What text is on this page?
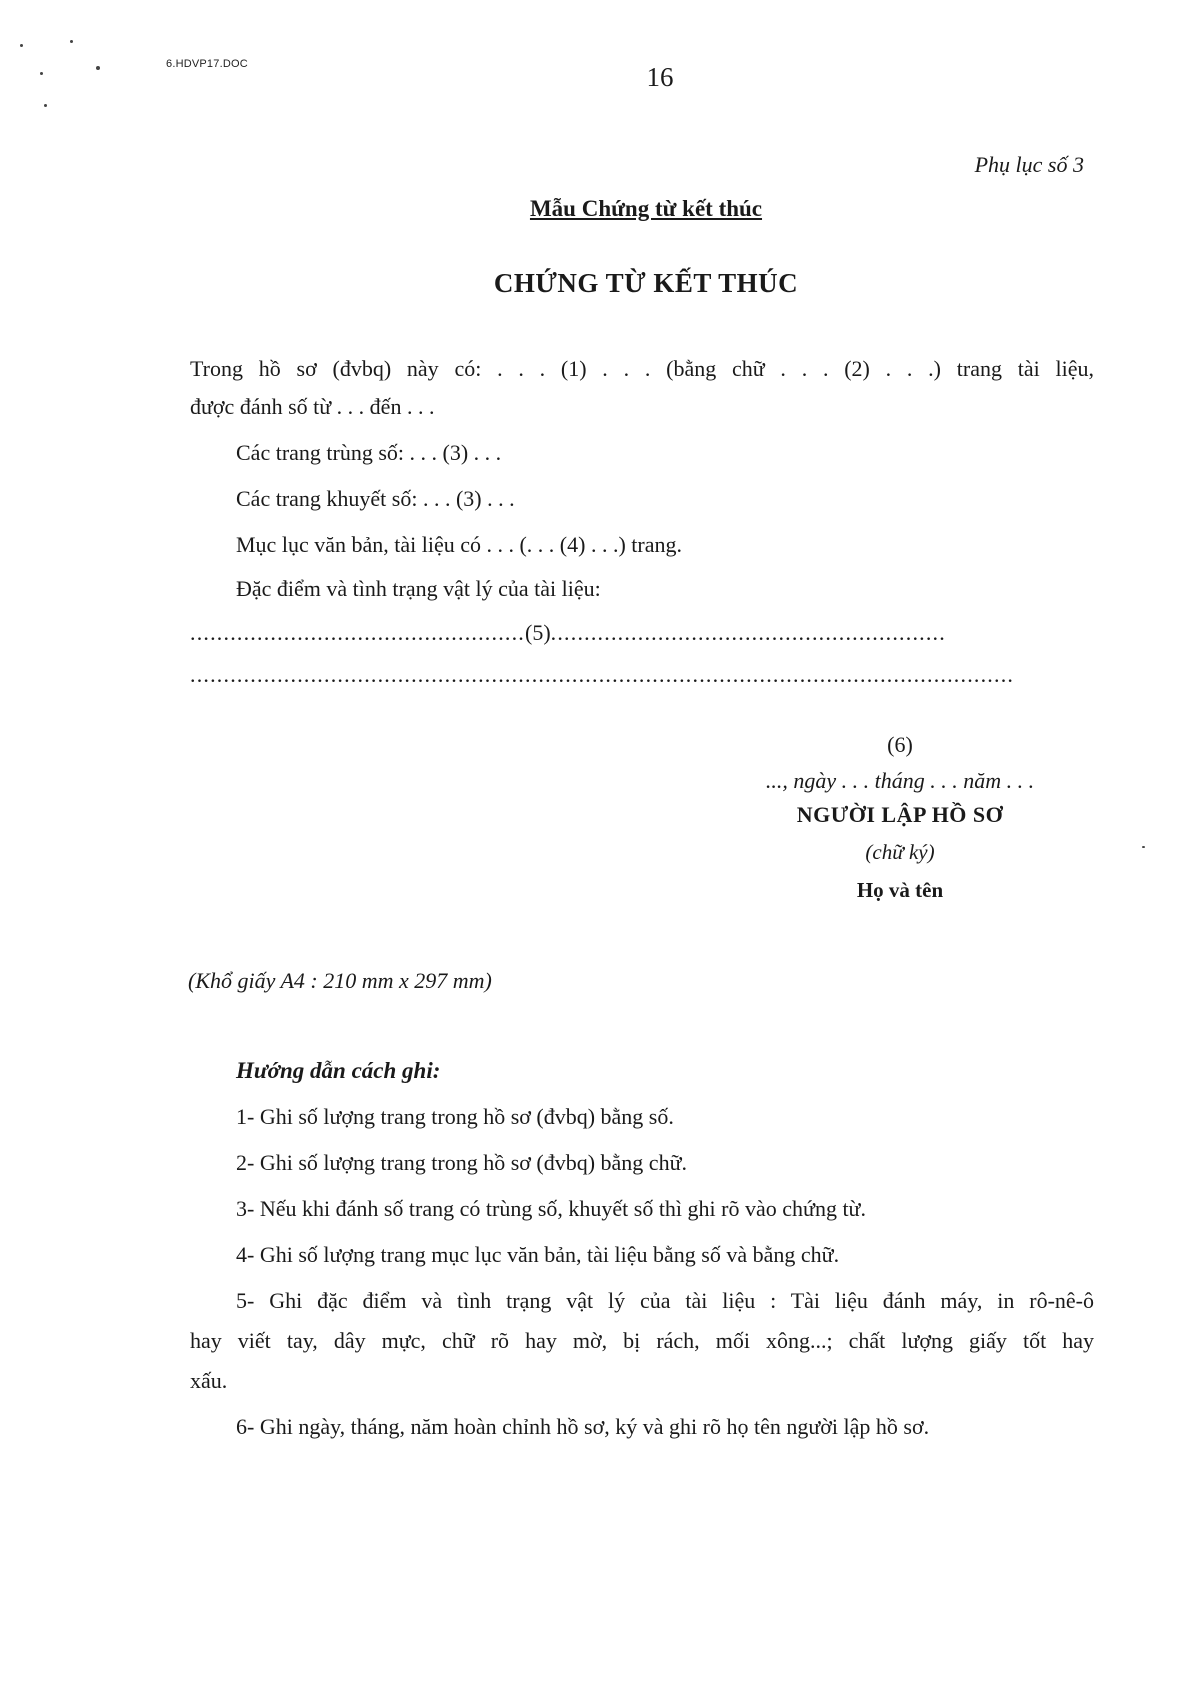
6.HDVP17.DOC	16
Phụ lục số 3
Mẫu Chứng từ kết thúc
CHỨNG TỪ KẾT THÚC
Trong hồ sơ (đvbq) này có: . . . (1) . . . (bằng chữ . . . (2) . . .) trang tài liệu,
được đánh số từ . . . đến . . .
Các trang trùng số: . . . (3) . . .
Các trang khuyết số: . . . (3) . . .
Mục lục văn bản, tài liệu có . . . (. . . (4) . . .) trang.
Đặc điểm và tình trạng vật lý của tài liệu:
..................................................(5)...........................................................
...........................................................................................................................
(6)
..., ngày . . . tháng . . . năm . . .
NGƯỜI LẬP HỒ SƠ
(chữ ký)
Họ và tên
(Khổ giấy A4 : 210 mm x 297 mm)
Hướng dẫn cách ghi:
1- Ghi số lượng trang trong hồ sơ (đvbq) bằng số.
2- Ghi số lượng trang trong hồ sơ (đvbq) bằng chữ.
3- Nếu khi đánh số trang có trùng số, khuyết số thì ghi rõ vào chứng từ.
4- Ghi số lượng trang mục lục văn bản, tài liệu bằng số và bằng chữ.
5- Ghi đặc điểm và tình trạng vật lý của tài liệu : Tài liệu đánh máy, in rô-nê-ô
hay viết tay, dây mực, chữ rõ hay mờ, bị rách, mối xông...; chất lượng giấy tốt hay
xấu.
6- Ghi ngày, tháng, năm hoàn chỉnh hồ sơ, ký và ghi rõ họ tên người lập hồ sơ.
